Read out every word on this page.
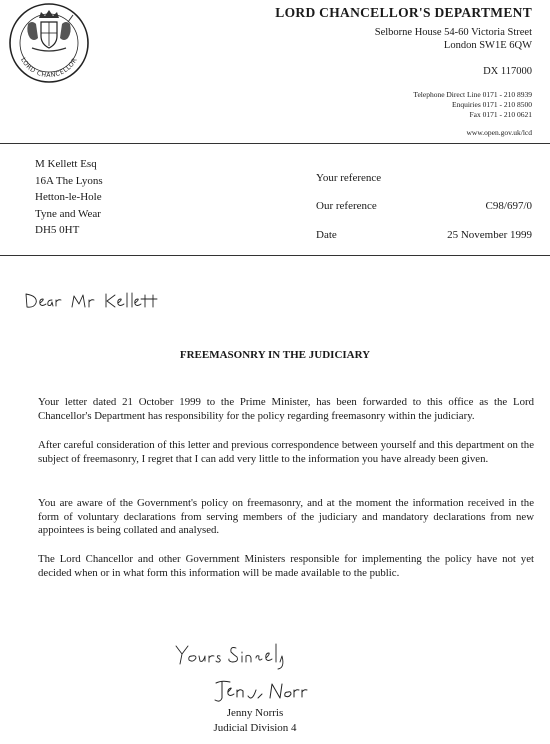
LORD CHANCELLOR
LORD CHANCELLOR'S DEPARTMENT
Selborne House 54-60 Victoria Street
London SW1E 6QW
DX 117000
Telephone Direct Line 0171 - 210 8939
Enquiries 0171 - 210 8500
Fax 0171 - 210 0621
www.open.gov.uk/lcd
M Kellett Esq
16A The Lyons
Hetton-le-Hole
Tyne and Wear
DH5 0HT
Your reference
Our reference	C98/697/0
Date	25 November 1999
FREEMASONRY IN THE JUDICIARY
Your letter dated 21 October 1999 to the Prime Minister, has been forwarded to this office as the Lord Chancellor's Department has responsibility for the policy regarding freemasonry within the judiciary.
After careful consideration of this letter and previous correspondence between yourself and this department on the subject of freemasonry, I regret that I can add very little to the information you have already been given.
You are aware of the Government's policy on freemasonry, and at the moment the information received in the form of voluntary declarations from serving members of the judiciary and mandatory declarations from new appointees is being collated and analysed.
The Lord Chancellor and other Government Ministers responsible for implementing the policy have not yet decided when or in what form this information will be made available to the public.
Jenny Norris
Judicial Division 4
